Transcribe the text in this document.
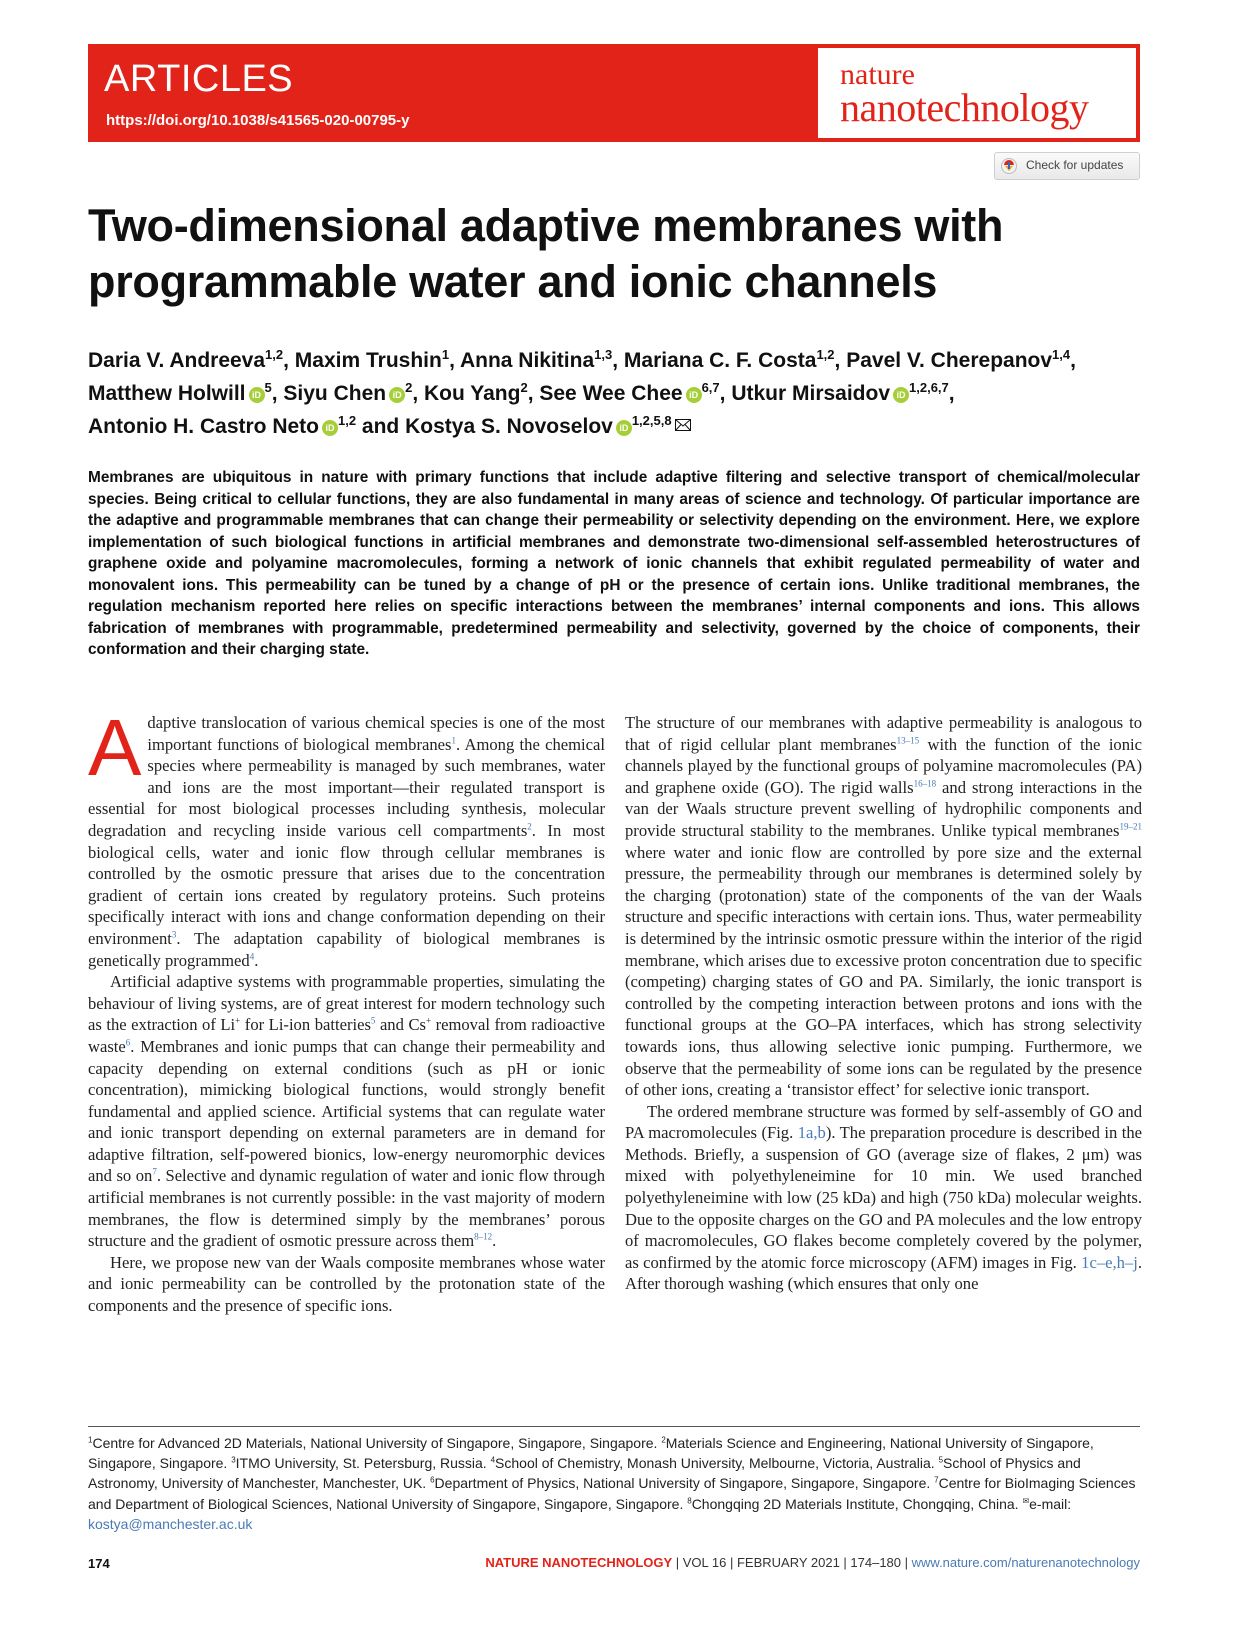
ARTICLES
https://doi.org/10.1038/s41565-020-00795-y
nature
nanotechnology
Check for updates
Two-dimensional adaptive membranes with programmable water and ionic channels
Daria V. Andreeva$^{1,2}$, Maxim Trushin$^1$, Anna Nikitina$^{1,3}$, Mariana C. F. Costa$^{1,2}$, Pavel V. Cherepanov$^{1,4}$,
Matthew Holwill iD $^5$, Siyu Chen iD $^2$, Kou Yang$^2$, See Wee Chee iD $^{6,7}$, Utkur Mirsaidov iD $^{1,2,6,7}$,
Antonio H. Castro Neto iD $^{1,2}$ and Kostya S. Novoselov iD $^{1,2,5,8}$
Membranes are ubiquitous in nature with primary functions that include adaptive filtering and selective transport of chemical/molecular species. Being critical to cellular functions, they are also fundamental in many areas of science and technology. Of particular importance are the adaptive and programmable membranes that can change their permeability or selectivity depending on the environment. Here, we explore implementation of such biological functions in artificial membranes and demonstrate two-dimensional self-assembled heterostructures of graphene oxide and polyamine macromolecules, forming a network of ionic channels that exhibit regulated permeability of water and monovalent ions. This permeability can be tuned by a change of pH or the presence of certain ions. Unlike traditional membranes, the regulation mechanism reported here relies on specific interactions between the membranes’ internal components and ions. This allows fabrication of membranes with programmable, predetermined permeability and selectivity, governed by the choice of components, their conformation and their charging state.

Adaptive translocation of various chemical species is one of the most important functions of biological membranes$^1$. Among the chemical species where permeability is managed by such membranes, water and ions are the most important—their regulated transport is essential for most biological processes including synthesis, molecular degradation and recycling inside various cell compartments$^2$. In most biological cells, water and ionic flow through cellular membranes is controlled by the osmotic pressure that arises due to the concentration gradient of certain ions created by regulatory proteins. Such proteins specifically interact with ions and change conformation depending on their environment$^3$. The adaptation capability of biological membranes is genetically programmed$^4$.

Artificial adaptive systems with programmable properties, simulating the behaviour of living systems, are of great interest for modern technology such as the extraction of Li+ for Li-ion batteries$^5$ and Cs+ removal from radioactive waste$^6$. Membranes and ionic pumps that can change their permeability and capacity depending on external conditions (such as pH or ionic concentration), mimicking biological functions, would strongly benefit fundamental and applied science. Artificial systems that can regulate water and ionic transport depending on external parameters are in demand for adaptive filtration, self-powered bionics, low-energy neuromorphic devices and so on$^7$. Selective and dynamic regulation of water and ionic flow through artificial membranes is not currently possible: in the vast majority of modern membranes, the flow is determined simply by the membranes’ porous structure and the gradient of osmotic pressure across them$^{8-12}$.

Here, we propose new van der Waals composite membranes whose water and ionic permeability can be controlled by the protonation state of the components and the presence of specific ions.

The structure of our membranes with adaptive permeability is analogous to that of rigid cellular plant membranes$^{13-15}$ with the function of the ionic channels played by the functional groups of polyamine macromolecules (PA) and graphene oxide (GO). The rigid walls$^{16-18}$ and strong interactions in the van der Waals structure prevent swelling of hydrophilic components and provide structural stability to the membranes. Unlike typical membranes$^{19-21}$ where water and ionic flow are controlled by pore size and the external pressure, the permeability through our membranes is determined solely by the charging (protonation) state of the components of the van der Waals structure and specific interactions with certain ions. Thus, water permeability is determined by the intrinsic osmotic pressure within the interior of the rigid membrane, which arises due to excessive proton concentration due to specific (competing) charging states of GO and PA. Similarly, the ionic transport is controlled by the competing interaction between protons and ions with the functional groups at the GO–PA interfaces, which has strong selectivity towards ions, thus allowing selective ionic pumping. Furthermore, we observe that the permeability of some ions can be regulated by the presence of other ions, creating a ‘transistor effect’ for selective ionic transport.

The ordered membrane structure was formed by self-assembly of GO and PA macromolecules (Fig. 1a,b). The preparation procedure is described in the Methods. Briefly, a suspension of GO (average size of flakes, 2 μm) was mixed with polyethyleneimine for 10 min. We used branched polyethyleneimine with low (25 kDa) and high (750 kDa) molecular weights. Due to the opposite charges on the GO and PA molecules and the low entropy of macromolecules, GO flakes become completely covered by the polymer, as confirmed by the atomic force microscopy (AFM) images in Fig. 1c–e,h–j. After thorough washing (which ensures that only one

$^1$Centre for Advanced 2D Materials, National University of Singapore, Singapore, Singapore. $^2$Materials Science and Engineering, National University of Singapore, Singapore, Singapore. $^3$ITMO University, St. Petersburg, Russia. $^4$School of Chemistry, Monash University, Melbourne, Victoria, Australia. $^5$School of Physics and Astronomy, University of Manchester, Manchester, UK. $^6$Department of Physics, National University of Singapore, Singapore, Singapore. $^7$Centre for BioImaging Sciences and Department of Biological Sciences, National University of Singapore, Singapore, Singapore. $^8$Chongqing 2D Materials Institute, Chongqing, China. ✉e-mail: kostya@manchester.ac.uk
174	NATURE NANOTECHNOLOGY | VOL 16 | FEBRUARY 2021 | 174–180 | www.nature.com/naturenanotechnology
